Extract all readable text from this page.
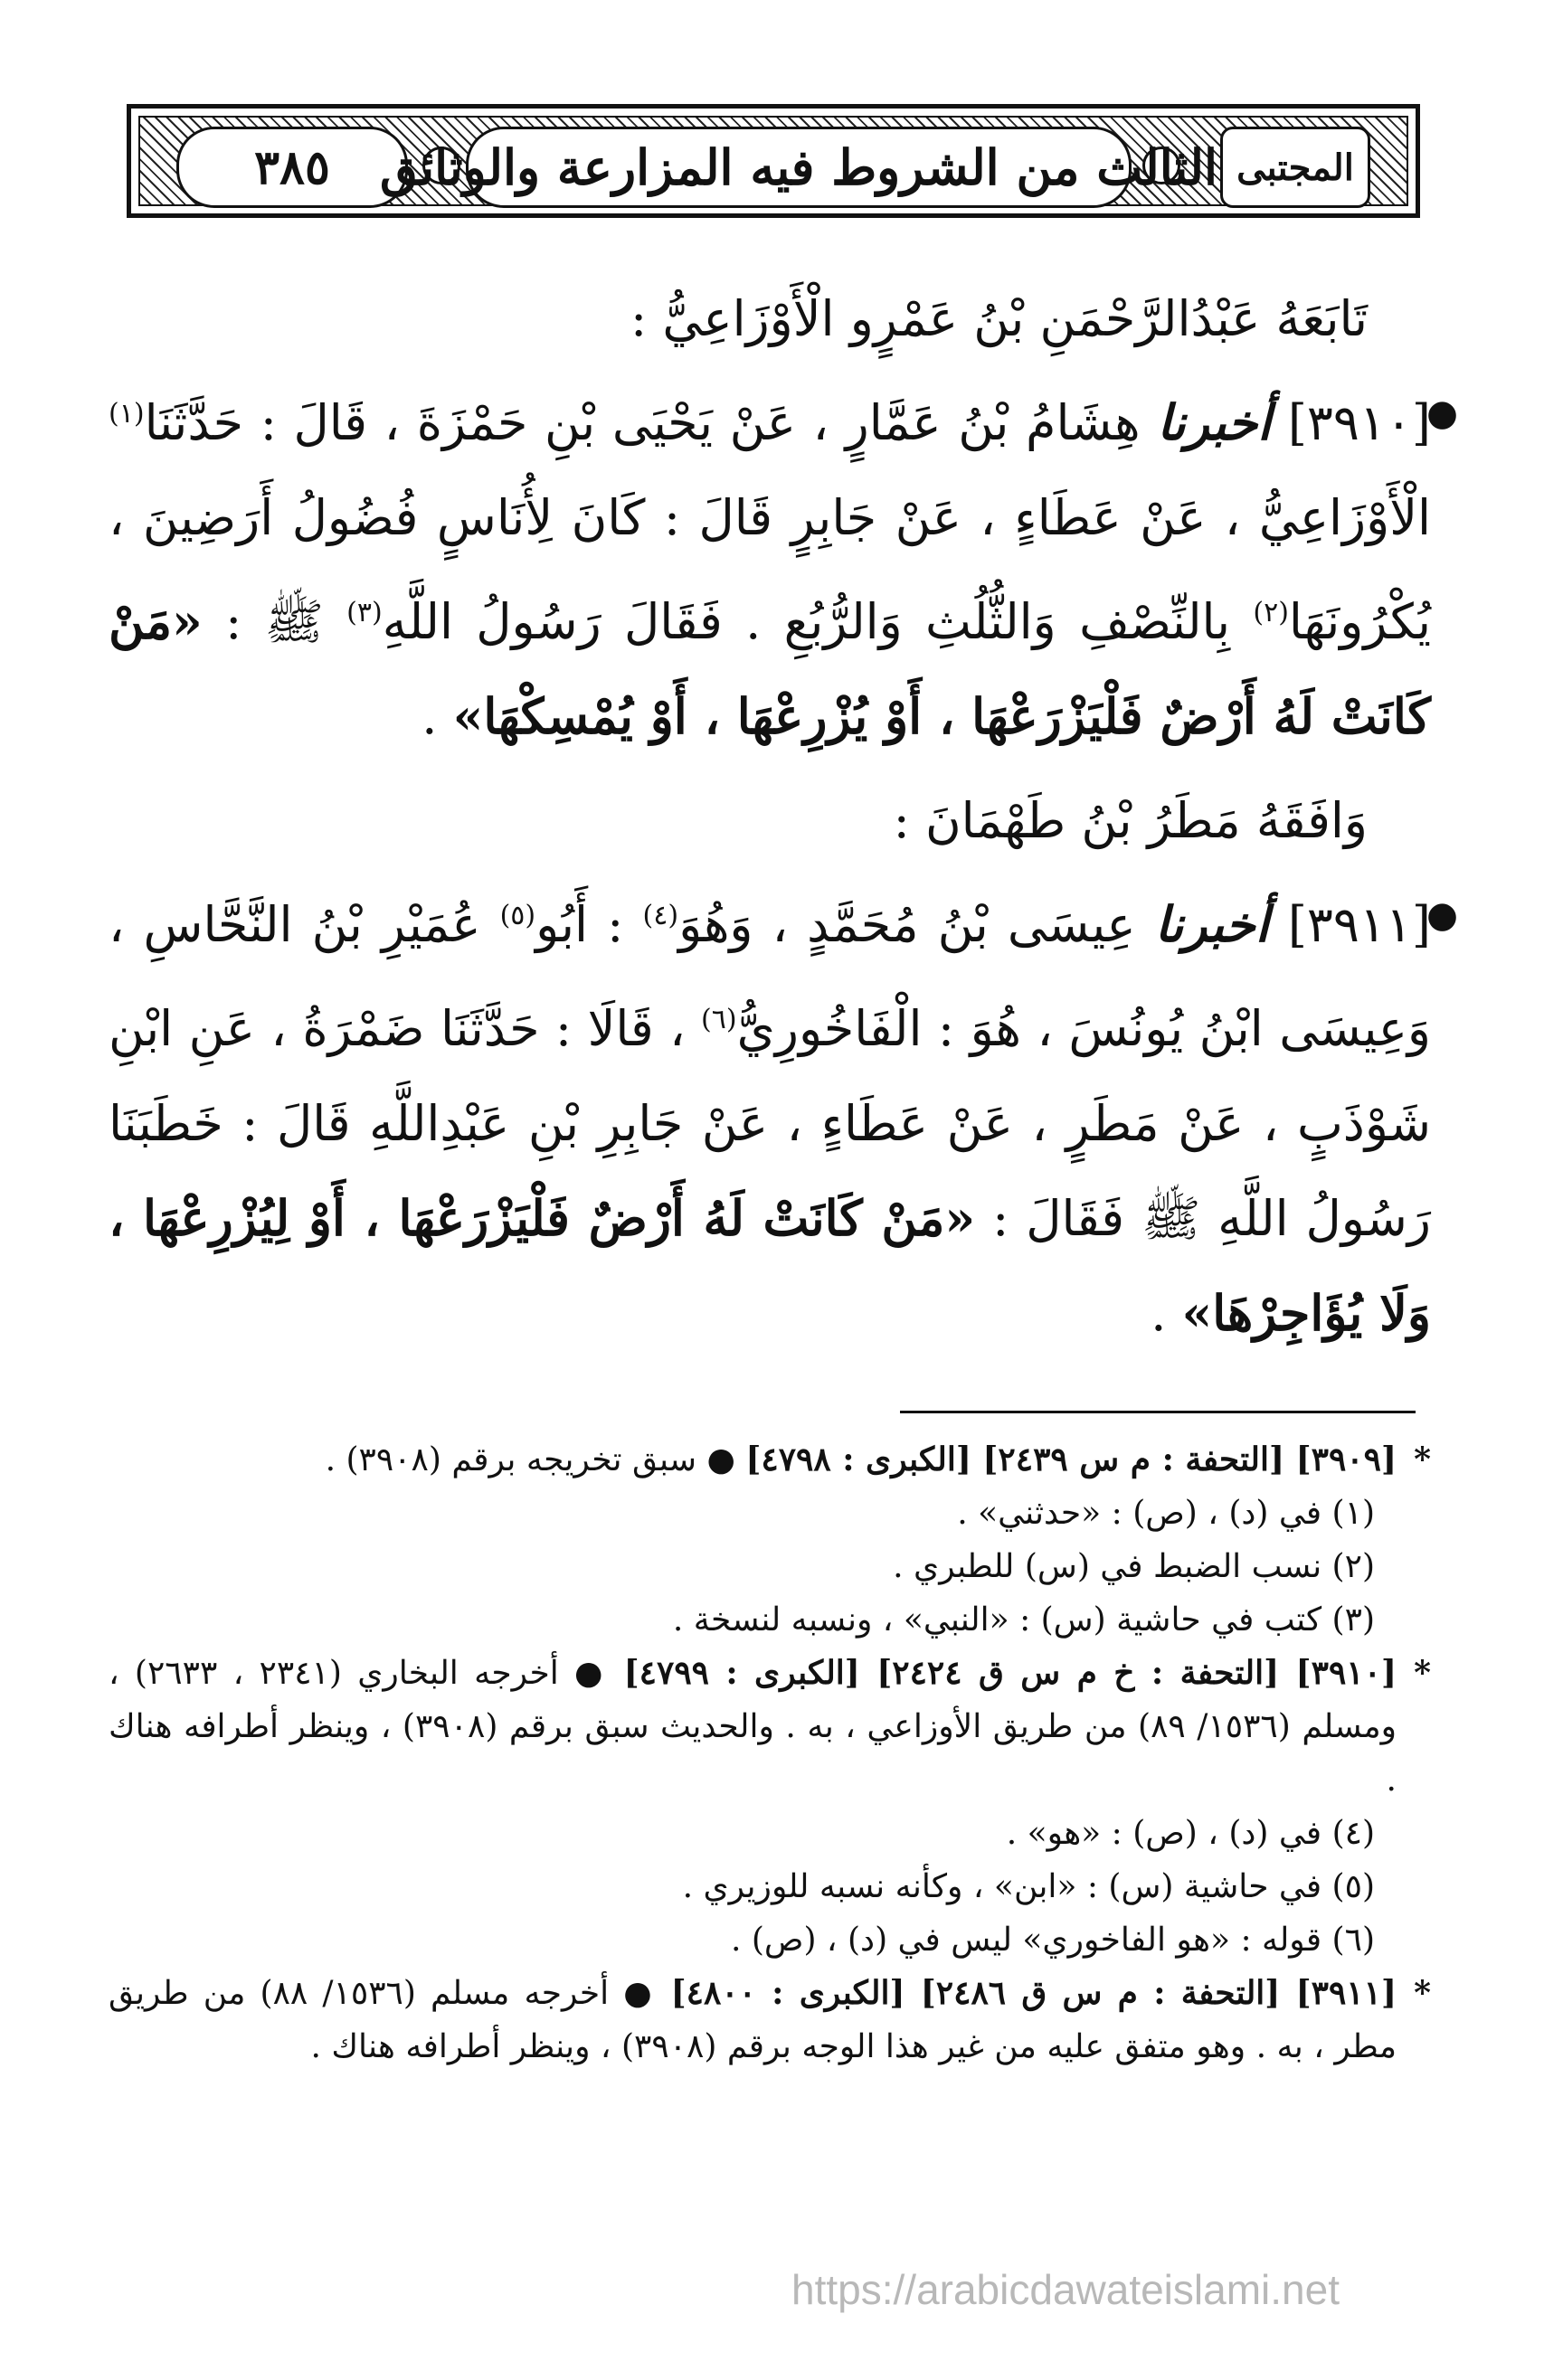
٣٨٥ الثالث من الشروط فيه المزارعة والوثائق المجتبى

تَابَعَهُ عَبْدُالرَّحْمَنِ بْنُ عَمْرٍو الْأَوْزَاعِيُّ :

●
[٣٩١٠] أخبرنا هِشَامُ بْنُ عَمَّارٍ ، عَنْ يَحْيَى بْنِ حَمْزَةَ ، قَالَ : حَدَّثَنَا$^{(١)}$ الْأَوْزَاعِيُّ ، عَنْ عَطَاءٍ ، عَنْ جَابِرٍ قَالَ : كَانَ لِأُنَاسٍ فُضُولُ أَرَضِينَ ، يُكْرُونَهَا$^{(٢)}$ بِالنِّصْفِ وَالثُّلُثِ وَالرُّبُعِ . فَقَالَ رَسُولُ اللَّهِ$^{(٣)}$ ﷺ : «مَنْ كَانَتْ لَهُ أَرْضٌ فَلْيَزْرَعْهَا ، أَوْ يُزْرِعْهَا ، أَوْ يُمْسِكْهَا» .

وَافَقَهُ مَطَرُ بْنُ طَهْمَانَ :

●
[٣٩١١] أخبرنا عِيسَى بْنُ مُحَمَّدٍ ، وَهُوَ$^{(٤)}$ : أَبُو$^{(٥)}$ عُمَيْرِ بْنُ النَّحَّاسِ ، وَعِيسَى ابْنُ يُونُسَ ، هُوَ : الْفَاخُورِيُّ$^{(٦)}$ ، قَالَا : حَدَّثَنَا ضَمْرَةُ ، عَنِ ابْنِ شَوْذَبٍ ، عَنْ مَطَرٍ ، عَنْ عَطَاءٍ ، عَنْ جَابِرِ بْنِ عَبْدِاللَّهِ قَالَ : خَطَبَنَا رَسُولُ اللَّهِ ﷺ فَقَالَ : «مَنْ كَانَتْ لَهُ أَرْضٌ فَلْيَزْرَعْهَا ، أَوْ لِيُزْرِعْهَا ، وَلَا يُؤَاجِرْهَا» .

*
[٣٩٠٩] [التحفة : م س ٢٤٣٩] [الكبرى : ٤٧٩٨] ● سبق تخريجه برقم (٣٩٠٨) .

(١) في (د) ، (ص) : «حدثني» .

(٢) نسب الضبط في (س) للطبري .

(٣) كتب في حاشية (س) : «النبي» ، ونسبه لنسخة .

*
[٣٩١٠] [التحفة : خ م س ق ٢٤٢٤] [الكبرى : ٤٧٩٩] ● أخرجه البخاري (٢٣٤١ ، ٢٦٣٣) ، ومسلم (١٥٣٦/ ٨٩) من طريق الأوزاعي ، به . والحديث سبق برقم (٣٩٠٨) ، وينظر أطرافه هناك .

(٤) في (د) ، (ص) : «هو» .

(٥) في حاشية (س) : «ابن» ، وكأنه نسبه للوزيري .

(٦) قوله : «هو الفاخوري» ليس في (د) ، (ص) .

*
[٣٩١١] [التحفة : م س ق ٢٤٨٦] [الكبرى : ٤٨٠٠] ● أخرجه مسلم (١٥٣٦/ ٨٨) من طريق مطر ، به . وهو متفق عليه من غير هذا الوجه برقم (٣٩٠٨) ، وينظر أطرافه هناك .

https://arabicdawateislami.net
